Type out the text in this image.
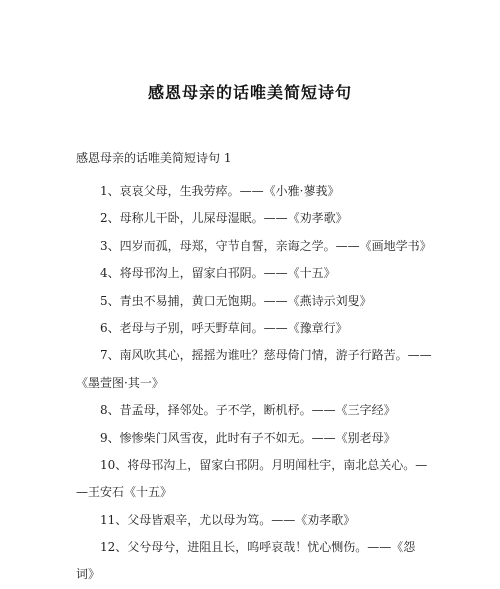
感恩母亲的话唯美简短诗句
感恩母亲的话唯美简短诗句 1
1、哀哀父母，生我劳瘁。——《小雅·蓼莪》
2、母称儿干卧，儿屎母湿眠。——《劝孝歌》
3、四岁而孤，母郑，守节自誓，亲诲之学。——《画地学书》
4、将母邗沟上，留家白邗阴。——《十五》
5、青虫不易捕，黄口无饱期。——《燕诗示刘叟》
6、老母与子别，呼天野草间。——《豫章行》
7、南风吹其心，摇摇为谁吐？慈母倚门情，游子行路苦。——
《墨萱图·其一》
8、昔孟母，择邻处。子不学，断机杼。——《三字经》
9、惨惨柴门风雪夜，此时有子不如无。——《别老母》
10、将母邗沟上，留家白邗阴。月明闻杜宇，南北总关心。—
—王安石《十五》
11、父母皆艰辛，尤以母为笃。——《劝孝歌》
12、父兮母兮，进阻且长，呜呼哀哉！忧心恻伤。——《怨
词》
